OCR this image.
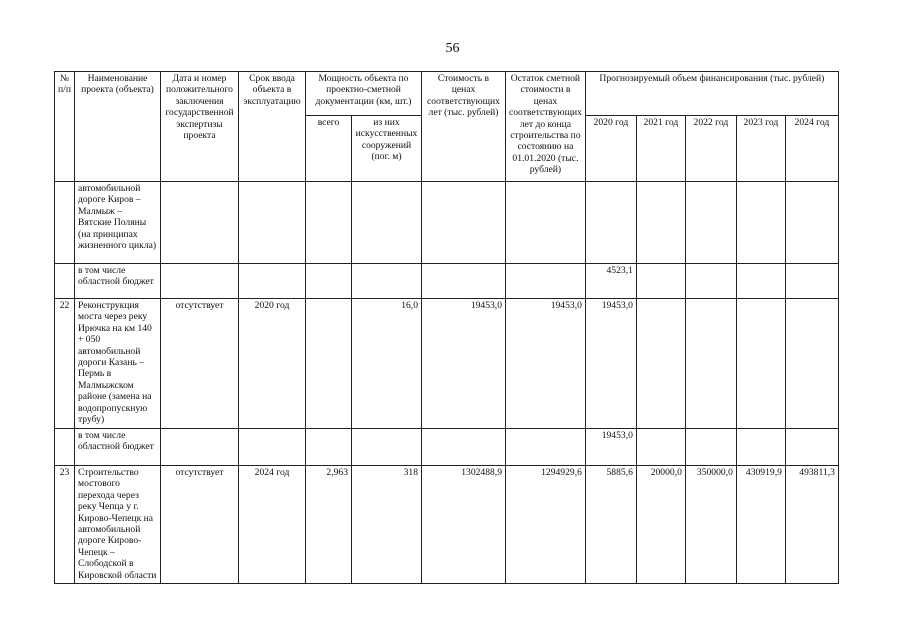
56
№ п/п	Наименование проекта (объекта)	Дата и номер положительного заключения государственной экспертизы проекта	Срок ввода объекта в эксплуатацию	Мощность объекта по проектно-сметной документации (км, шт.)		Стоимость в ценах соответствующих лет (тыс. рублей)	Остаток сметной стоимости в ценах соответствующих лет до конца строительства по состоянию на 01.01.2020 (тыс. рублей)	Прогнозируемый объем финансирования (тыс. рублей)				
				всего	из них искусственных сооружений (пог. м)			2020 год	2021 год	2022 год	2023 год	2024 год
	автомобильной дороге Киров – Малмыж – Вятские Поляны (на принципах жизненного цикла)											
	в том числе областной бюджет							4523,1				
22	Реконструкция моста через реку Ирючка на км 140 + 050 автомобильной дороги Казань – Пермь в Малмыжском районе (замена на водопропускную трубу)	отсутствует	2020 год		16,0	19453,0	19453,0	19453,0				
	в том числе областной бюджет							19453,0				
23	Строительство мостового перехода через реку Чепца у г. Кирово-Чепецк на автомобильной дороге Кирово-Чепецк – Слободской в Кировской области	отсутствует	2024 год	2,963	318	1302488,9	1294929,6	5885,6	20000,0	350000,0	430919,9	493811,3
